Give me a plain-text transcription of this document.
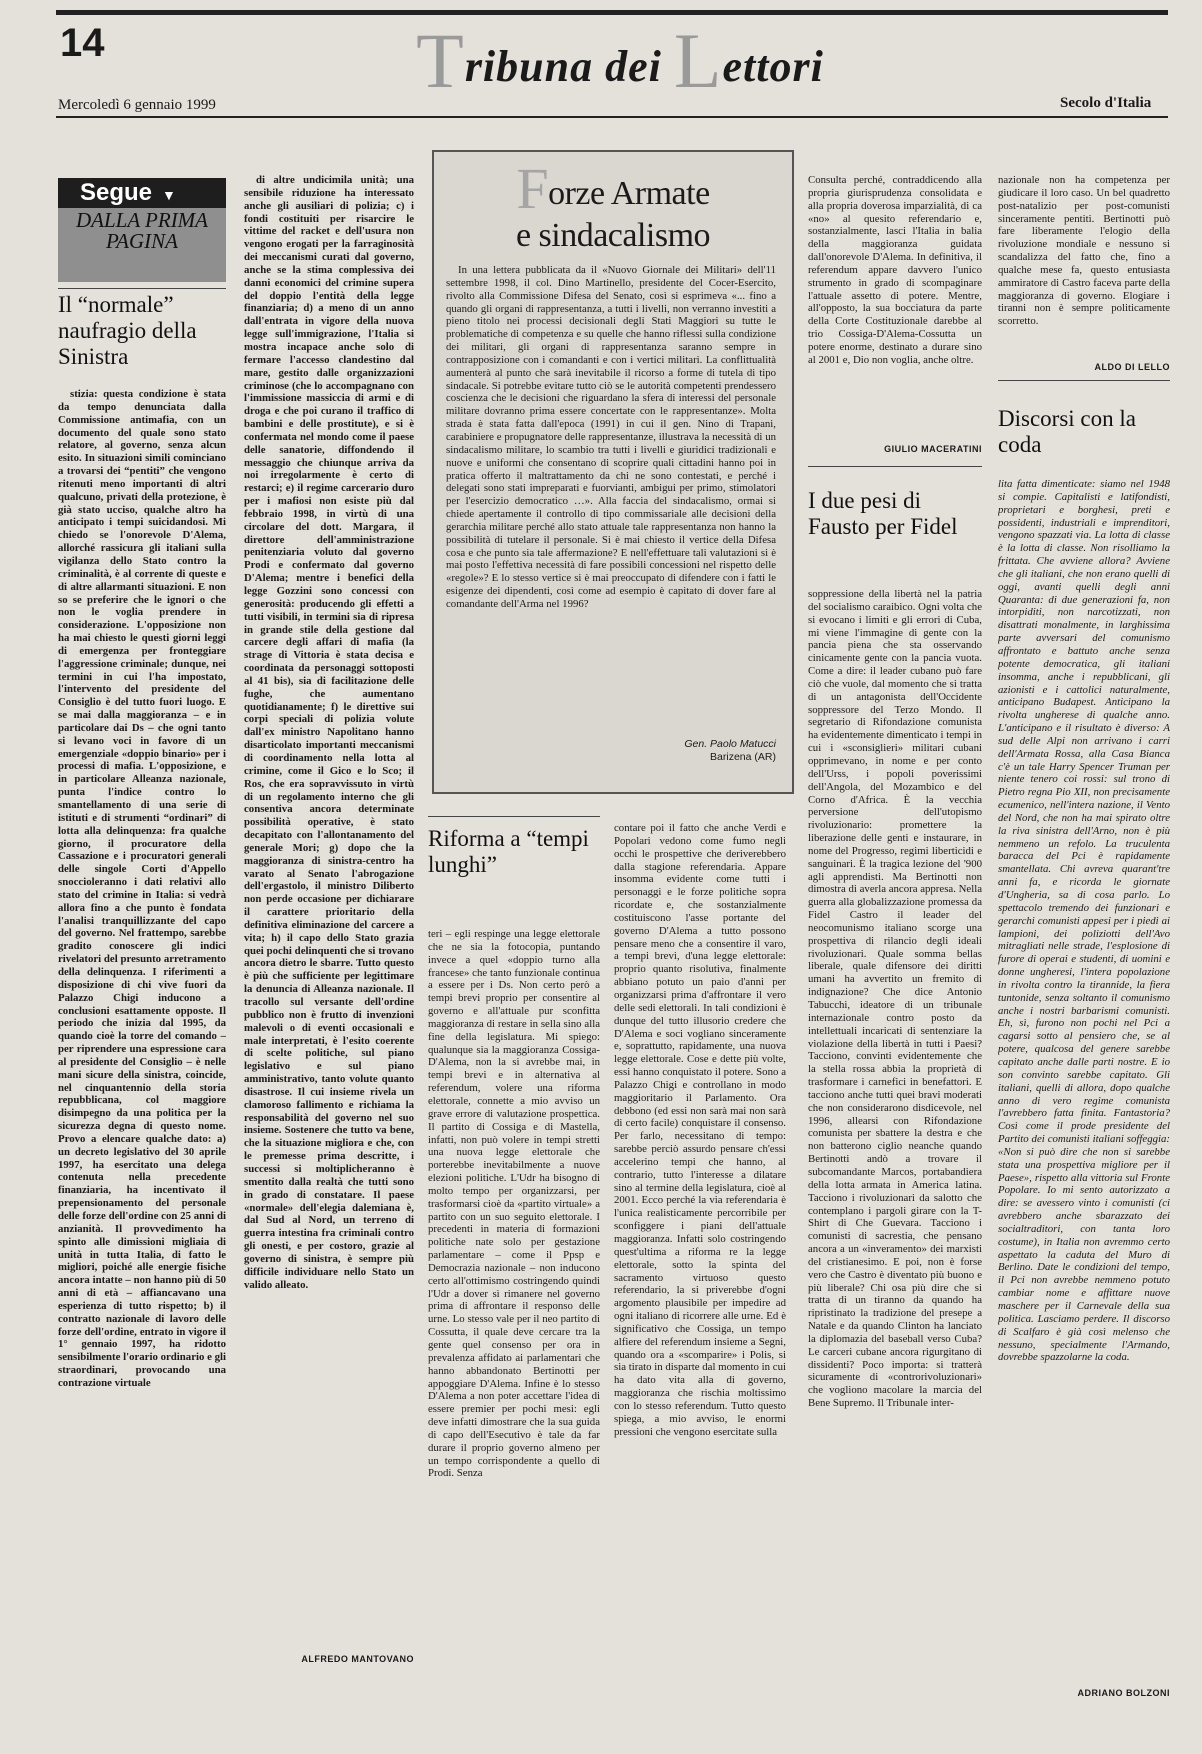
14	Tribuna dei Lettori
Mercoledì 6 gennaio 1999	Secolo d'Italia
Segue ▼
DALLA PRIMA PAGINA
Il “normale” naufragio della Sinistra

stizia: questa condizione è stata da tempo denunciata dalla Commissione antimafia, con un documento del quale sono stato relatore, al governo, senza alcun esito. In situazioni simili cominciano a trovarsi dei “pentiti” che vengono ritenuti meno importanti di altri qualcuno, privati della protezione, è già stato ucciso, qualche altro ha anticipato i tempi suicidandosi. Mi chiedo se l'onorevole D'Alema, allorché rassicura gli italiani sulla vigilanza dello Stato contro la criminalità, è al corrente di queste e di altre allarmanti situazioni. E non so se preferire che le ignori o che non le voglia prendere in considerazione. L'opposizione non ha mai chiesto le questi giorni leggi di emergenza per fronteggiare l'aggressione criminale; dunque, nei termini in cui l'ha impostato, l'intervento del presidente del Consiglio è del tutto fuori luogo. E se mai dalla maggioranza – e in particolare dai Ds – che ogni tanto si levano voci in favore di un emergenziale «doppio binario» per i processi di mafia. L'opposizione, e in particolare Alleanza nazionale, punta l'indice contro lo smantellamento di una serie di istituti e di strumenti “ordinari” di lotta alla delinquenza: fra qualche giorno, il procuratore della Cassazione e i procuratori generali delle singole Corti d'Appello snoccioleranno i dati relativi allo stato del crimine in Italia: si vedrà allora fino a che punto è fondata l'analisi tranquillizzante del capo del governo. Nel frattempo, sarebbe gradito conoscere gli indici rivelatori del presunto arretramento della delinquenza. I riferimenti a disposizione di chi vive fuori da Palazzo Chigi inducono a conclusioni esattamente opposte. Il periodo che inizia dal 1995, da quando cioè la torre del comando – per riprendere una espressione cara al presidente del Consiglio – è nelle mani sicure della sinistra, coincide, nel cinquantennio della storia repubblicana, col maggiore disimpegno da una politica per la sicurezza degna di questo nome. Provo a elencare qualche dato: a) un decreto legislativo del 30 aprile 1997, ha esercitato una delega contenuta nella precedente finanziaria, ha incentivato il prepensionamento del personale delle forze dell'ordine con 25 anni di anzianità. Il provvedimento ha spinto alle dimissioni migliaia di unità in tutta Italia, di fatto le migliori, poiché alle energie fisiche ancora intatte – non hanno più di 50 anni di età – affiancavano una esperienza di tutto rispetto; b) il contratto nazionale di lavoro delle forze dell'ordine, entrato in vigore il 1° gennaio 1997, ha ridotto sensibilmente l'orario ordinario e gli straordinari, provocando una contrazione virtuale

di altre undicimila unità; una sensibile riduzione ha interessato anche gli ausiliari di polizia; c) i fondi costituiti per risarcire le vittime del racket e dell'usura non vengono erogati per la farraginosità dei meccanismi curati dal governo, anche se la stima complessiva dei danni economici del crimine supera del doppio l'entità della legge finanziaria; d) a meno di un anno dall'entrata in vigore della nuova legge sull'immigrazione, l'Italia si mostra incapace anche solo di fermare l'accesso clandestino dal mare, gestito dalle organizzazioni criminose (che lo accompagnano con l'immissione massiccia di armi e di droga e che poi curano il traffico di bambini e delle prostitute), e si è confermata nel mondo come il paese delle sanatorie, diffondendo il messaggio che chiunque arriva da noi irregolarmente è certo di restarci; e) il regime carcerario duro per i mafiosi non esiste più dal febbraio 1998, in virtù di una circolare del dott. Margara, il direttore dell'amministrazione penitenziaria voluto dal governo Prodi e confermato dal governo D'Alema; mentre i benefici della legge Gozzini sono concessi con generosità: producendo gli effetti a tutti visibili, in termini sia di ripresa in grande stile della gestione dal carcere degli affari di mafia (la strage di Vittoria è stata decisa e coordinata da personaggi sottoposti al 41 bis), sia di facilitazione delle fughe, che aumentano quotidianamente; f) le direttive sui corpi speciali di polizia volute dall'ex ministro Napolitano hanno disarticolato importanti meccanismi di coordinamento nella lotta al crimine, come il Gico e lo Sco; il Ros, che era sopravvissuto in virtù di un regolamento interno che gli consentiva ancora determinate possibilità operative, è stato decapitato con l'allontanamento del generale Mori; g) dopo che la maggioranza di sinistra-centro ha varato al Senato l'abrogazione dell'ergastolo, il ministro Diliberto non perde occasione per dichiarare il carattere prioritario della definitiva eliminazione del carcere a vita; h) il capo dello Stato grazia quei pochi delinquenti che si trovano ancora dietro le sbarre. Tutto questo è più che sufficiente per legittimare la denuncia di Alleanza nazionale. Il tracollo sul versante dell'ordine pubblico non è frutto di invenzioni malevoli o di eventi occasionali e male interpretati, è l'esito coerente di scelte politiche, sul piano legislativo e sul piano amministrativo, tanto volute quanto disastrose. Il cui insieme rivela un clamoroso fallimento e richiama la responsabilità del governo nel suo insieme. Sostenere che tutto va bene, che la situazione migliora e che, con le premesse prima descritte, i successi si moltiplicheranno è smentito dalla realtà che tutti sono in grado di constatare. Il paese «normale» dell'elegia dalemiana è, dal Sud al Nord, un terreno di guerra intestina fra criminali contro gli onesti, e per costoro, grazie al governo di sinistra, è sempre più difficile individuare nello Stato un valido alleato.

ALFREDO MANTOVANO
Forze Armate
e sindacalismo

In una lettera pubblicata da il «Nuovo Giornale dei Militari» dell'11 settembre 1998, il col. Dino Martinello, presidente del Cocer-Esercito, rivolto alla Commissione Difesa del Senato, così si esprimeva «... fino a quando gli organi di rappresentanza, a tutti i livelli, non verranno investiti a pieno titolo nei processi decisionali degli Stati Maggiori su tutte le problematiche di competenza e su quelle che hanno riflessi sulla condizione dei militari, gli organi di rappresentanza saranno sempre in contrapposizione con i comandanti e con i vertici militari. La conflittualità aumenterà al punto che sarà inevitabile il ricorso a forme di tutela di tipo sindacale. Si potrebbe evitare tutto ciò se le autorità competenti prendessero coscienza che le decisioni che riguardano la sfera di interessi del personale militare dovranno prima essere concertate con le rappresentanze». Molta strada è stata fatta dall'epoca (1991) in cui il gen. Nino di Trapani, carabiniere e propugnatore delle rappresentanze, illustrava la necessità di un sindacalismo militare, lo scambio tra tutti i livelli e giuridici tradizionali e nuove e uniformi che consentano di scoprire quali cittadini hanno poi in pratica offerto il maltrattamento da chi ne sono contestati, e perché i delegati sono stati impreparati e fuorvianti, ambigui per primo, stimolatori per l'esercizio democratico …». Alla faccia del sindacalismo, ormai si chiede apertamente il controllo di tipo commissariale alle decisioni della gerarchia militare perché allo stato attuale tale rappresentanza non hanno la possibilità di tutelare il personale. Si è mai chiesto il vertice della Difesa cosa e che punto sia tale affermazione? E nell'effettuare tali valutazioni si è mai posto l'effettiva necessità di fare possibili concessioni nel rispetto delle «regole»? E lo stesso vertice si è mai preoccupato di difendere con i fatti le esigenze dei dipendenti, così come ad esempio è capitato di dover fare al comandante dell'Arma nel 1996?

Gen. Paolo Matucci
Barizena (AR)
Riforma a “tempi lunghi”

teri – egli respinge una legge elettorale che ne sia la fotocopia, puntando invece a quel «doppio turno alla francese» che tanto funzionale continua a essere per i Ds. Non certo però a tempi brevi proprio per consentire al governo e all'attuale pur sconfitta maggioranza di restare in sella sino alla fine della legislatura. Mi spiego: qualunque sia la maggioranza Cossiga-D'Alema, non la si avrebbe mai, in tempi brevi e in alternativa al referendum, volere una riforma elettorale, connette a mio avviso un grave errore di valutazione prospettica. Il partito di Cossiga e di Mastella, infatti, non può volere in tempi stretti una nuova legge elettorale che porterebbe inevitabilmente a nuove elezioni politiche. L'Udr ha bisogno di molto tempo per organizzarsi, per trasformarsi cioè da «partito virtuale» a partito con un suo seguito elettorale. I precedenti in materia di formazioni politiche nate solo per gestazione parlamentare – come il Ppsp e Democrazia nazionale – non inducono certo all'ottimismo costringendo quindi l'Udr a dover sì rimanere nel governo prima di affrontare il responso delle urne. Lo stesso vale per il neo partito di Cossutta, il quale deve cercare tra la gente quel consenso per ora in prevalenza affidato ai parlamentari che hanno abbandonato Bertinotti per appoggiare D'Alema. Infine è lo stesso D'Alema a non poter accettare l'idea di essere premier per pochi mesi: egli deve infatti dimostrare che la sua guida di capo dell'Esecutivo è tale da far durare il proprio governo almeno per un tempo corrispondente a quello di Prodi. Senza

contare poi il fatto che anche Verdi e Popolari vedono come fumo negli occhi le prospettive che deriverebbero dalla stagione referendaria. Appare insomma evidente come tutti i personaggi e le forze politiche sopra ricordate e, che sostanzialmente costituiscono l'asse portante del governo D'Alema a tutto possono pensare meno che a consentire il varo, a tempi brevi, d'una legge elettorale: proprio quanto risolutiva, finalmente abbiano potuto un paio d'anni per organizzarsi prima d'affrontare il vero delle sedi elettorali. In tali condizioni è dunque del tutto illusorio credere che D'Alema e soci vogliano sinceramente e, soprattutto, rapidamente, una nuova legge elettorale. Cose e dette più volte, essi hanno conquistato il potere. Sono a Palazzo Chigi e controllano in modo maggioritario il Parlamento. Ora debbono (ed essi non sarà mai non sarà di certo facile) conquistare il consenso. Per farlo, necessitano di tempo: sarebbe perciò assurdo pensare ch'essi accelerino tempi che hanno, al contrario, tutto l'interesse a dilatare sino al termine della legislatura, cioè al 2001. Ecco perché la via referendaria è l'unica realisticamente percorribile per sconfiggere i piani dell'attuale maggioranza. Infatti solo costringendo quest'ultima a riforma re la legge elettorale, sotto la spinta del sacramento virtuoso questo referendario, la si priverebbe d'ogni argomento plausibile per impedire ad ogni italiano di ricorrere alle urne. Ed è significativo che Cossiga, un tempo alfiere del referendum insieme a Segni, quando ora a «scomparire» i Polis, si sia tirato in disparte dal momento in cui ha dato vita alla di governo, maggioranza che rischia moltissimo con lo stesso referendum. Tutto questo spiega, a mio avviso, le enormi pressioni che vengono esercitate sulla

Consulta perché, contraddicendo alla propria giurisprudenza consolidata e alla propria doverosa imparzialità, di ca «no» al quesito referendario e, sostanzialmente, lasci l'Italia in balia della maggioranza guidata dall'onorevole D'Alema. In definitiva, il referendum appare davvero l'unico strumento in grado di scompaginare l'attuale assetto di potere. Mentre, all'opposto, la sua bocciatura da parte della Corte Costituzionale darebbe al trio Cossiga-D'Alema-Cossutta un potere enorme, destinato a durare sino al 2001 e, Dio non voglia, anche oltre.

GIULIO MACERATINI
I due pesi di Fausto per Fidel

soppressione della libertà nel la patria del socialismo caraibico. Ogni volta che si evocano i limiti e gli errori di Cuba, mi viene l'immagine di gente con la pancia piena che sta osservando cinicamente gente con la pancia vuota. Come a dire: il leader cubano può fare ciò che vuole, dal momento che si tratta di un antagonista dell'Occidente soppressore del Terzo Mondo. Il segretario di Rifondazione comunista ha evidentemente dimenticato i tempi in cui i «sconsiglieri» militari cubani opprimevano, in nome e per conto dell'Urss, i popoli poverissimi dell'Angola, del Mozambico e del Corno d'Africa. È la vecchia perversione dell'utopismo rivoluzionario: promettere la liberazione delle genti e instaurare, in nome del Progresso, regimi liberticidi e sanguinari. È la tragica lezione del '900 agli apprendisti. Ma Bertinotti non dimostra di averla ancora appresa. Nella guerra alla globalizzazione promessa da Fidel Castro il leader del neocomunismo italiano scorge una prospettiva di rilancio degli ideali rivoluzionari. Quale somma bellas liberale, quale difensore dei diritti umani ha avvertito un fremito di indignazione? Che dice Antonio Tabucchi, ideatore di un tribunale internazionale contro posto da intellettuali incaricati di sentenziare la violazione della libertà in tutti i Paesi? Tacciono, convinti evidentemente che la stella rossa abbia la proprietà di trasformare i carnefici in benefattori. E tacciono anche tutti quei bravi moderati che non considerarono disdicevole, nel 1996, allearsi con Rifondazione comunista per sbattere la destra e che non batterono ciglio neanche quando Bertinotti andò a trovare il subcomandante Marcos, portabandiera della lotta armata in America latina. Tacciono i rivoluzionari da salotto che contemplano i pargoli girare con la T-Shirt di Che Guevara. Tacciono i comunisti di sacrestia, che pensano ancora a un «inveramento» dei marxisti del cristianesimo. E poi, non è forse vero che Castro è diventato più buono e più liberale? Chi osa più dire che si tratta di un tiranno da quando ha ripristinato la tradizione del presepe a Natale e da quando Clinton ha lanciato la diplomazia del baseball verso Cuba? Le carceri cubane ancora rigurgitano di dissidenti? Poco importa: si tratterà sicuramente di «controrivoluzionari» che vogliono macolare la marcia del Bene Supremo. Il Tribunale inter-

nazionale non ha competenza per giudicare il loro caso. Un bel quadretto post-natalizio per post-comunisti sinceramente pentiti. Bertinotti può fare liberamente l'elogio della rivoluzione mondiale e nessuno si scandalizza del fatto che, fino a qualche mese fa, questo entusiasta ammiratore di Castro faceva parte della maggioranza di governo. Elogiare i tiranni non è sempre politicamente scorretto.

ALDO DI LELLO
Discorsi con la coda

lita fatta dimenticate: siamo nel 1948 si compie. Capitalisti e latifondisti, proprietari e borghesi, preti e possidenti, industriali e imprenditori, vengono spazzati via. La lotta di classe è la lotta di classe. Non risolliamo la frittata. Che avviene allora? Avviene che gli italiani, che non erano quelli di oggi, avanti quelli degli anni Quaranta: di due generazioni fa, non intorpiditi, non narcotizzati, non disattrati monalmente, in larghissima parte avversari del comunismo affrontato e battuto anche senza potente democratica, gli italiani insomma, anche i repubblicani, gli azionisti e i cattolici naturalmente, anticipano Budapest. Anticipano la rivolta ungherese di qualche anno. L'anticipano e il risultato è diverso: A sud delle Alpi non arrivano i carri dell'Armata Rossa, alla Casa Bianca c'è un tale Harry Spencer Truman per niente tenero coi rossi: sul trono di Pietro regna Pio XII, non precisamente ecumenico, nell'intera nazione, il Vento del Nord, che non ha mai spirato oltre la riva sinistra dell'Arno, non è più nemmeno un refolo. La truculenta baracca del Pci è rapidamente smantellata. Chi avreva quarant'tre anni fa, e ricorda le giornate d'Ungheria, sa di cosa parlo. Lo spettacolo tremendo dei funzionari e gerarchi comunisti appesi per i piedi ai lampioni, dei poliziotti dell'Avo mitragliati nelle strade, l'esplosione di furore di operai e studenti, di uomini e donne ungheresi, l'intera popolazione in rivolta contro la tirannide, la fiera tuntonide, senza soltanto il comunismo anche i nostri barbarismi comunisti. Eh, sì, furono non pochi nel Pci a cagarsi sotto al pensiero che, se al potere, qualcosa del genere sarebbe capitato anche dalle parti nostre. E io son convinto sarebbe capitato. Gli italiani, quelli di allora, dopo qualche anno di vero regime comunista l'avrebbero fatta finita. Fantastoria? Così come il prode presidente del Partito dei comunisti italiani soffeggia: «Non si può dire che non si sarebbe stata una prospettiva migliore per il Paese», rispetto alla vittoria sul Fronte Popolare. Io mi sento autorizzato a dire: se avessero vinto i comunisti (ci avrebbero anche sbarazzato dei socialtraditori, con tanta loro costume), in Italia non avremmo certo aspettato la caduta del Muro di Berlino. Date le condizioni del tempo, il Pci non avrebbe nemmeno potuto cambiar nome e affittare nuove maschere per il Carnevale della sua politica. Lasciamo perdere. Il discorso di Scalfaro è già così melenso che nessuno, specialmente l'Armando, dovrebbe spazzolarne la coda.

ADRIANO BOLZONI
